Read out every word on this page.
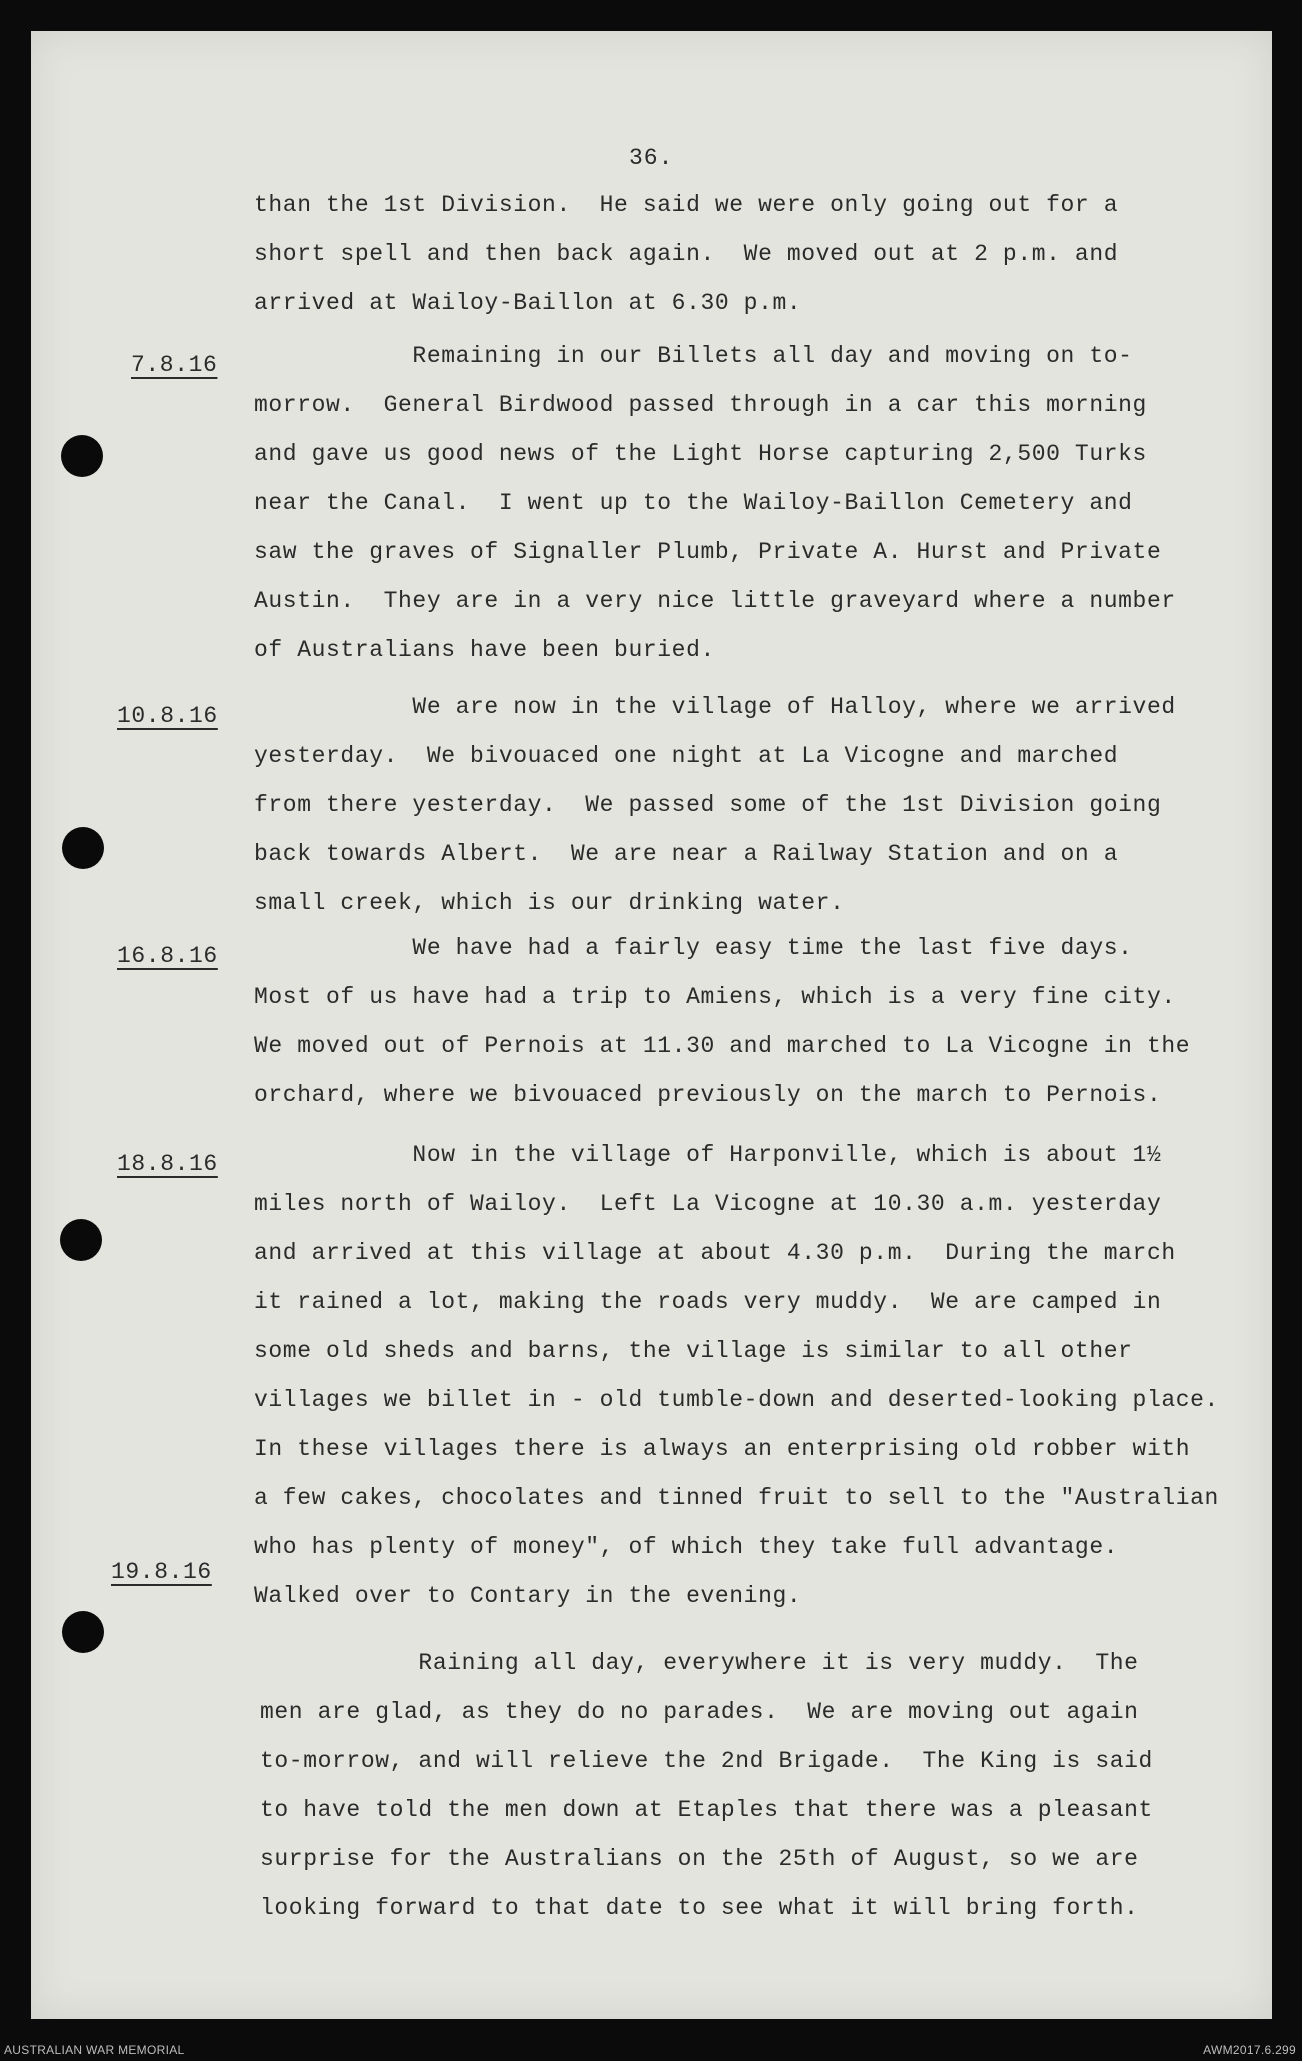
36.
7.8.16
10.8.16
16.8.16
18.8.16
19.8.16
than the 1st Division.  He said we were only going out for a
short spell and then back again.  We moved out at 2 p.m. and
arrived at Wailoy-Baillon at 6.30 p.m.
Remaining in our Billets all day and moving on to-
morrow.  General Birdwood passed through in a car this morning
and gave us good news of the Light Horse capturing 2,500 Turks
near the Canal.  I went up to the Wailoy-Baillon Cemetery and
saw the graves of Signaller Plumb, Private A. Hurst and Private
Austin.  They are in a very nice little graveyard where a number
of Australians have been buried.
We are now in the village of Halloy, where we arrived
yesterday.  We bivouaced one night at La Vicogne and marched
from there yesterday.  We passed some of the 1st Division going
back towards Albert.  We are near a Railway Station and on a
small creek, which is our drinking water.
We have had a fairly easy time the last five days.
Most of us have had a trip to Amiens, which is a very fine city.
We moved out of Pernois at 11.30 and marched to La Vicogne in the
orchard, where we bivouaced previously on the march to Pernois.
Now in the village of Harponville, which is about 1½
miles north of Wailoy.  Left La Vicogne at 10.30 a.m. yesterday
and arrived at this village at about 4.30 p.m.  During the march
it rained a lot, making the roads very muddy.  We are camped in
some old sheds and barns, the village is similar to all other
villages we billet in - old tumble-down and deserted-looking place.
In these villages there is always an enterprising old robber with
a few cakes, chocolates and tinned fruit to sell to the "Australian
who has plenty of money", of which they take full advantage.
Walked over to Contary in the evening.
Raining all day, everywhere it is very muddy.  The
men are glad, as they do no parades.  We are moving out again
to-morrow, and will relieve the 2nd Brigade.  The King is said
to have told the men down at Etaples that there was a pleasant
surprise for the Australians on the 25th of August, so we are
looking forward to that date to see what it will bring forth.
AUSTRALIAN WAR MEMORIAL	AWM2017.6.299
